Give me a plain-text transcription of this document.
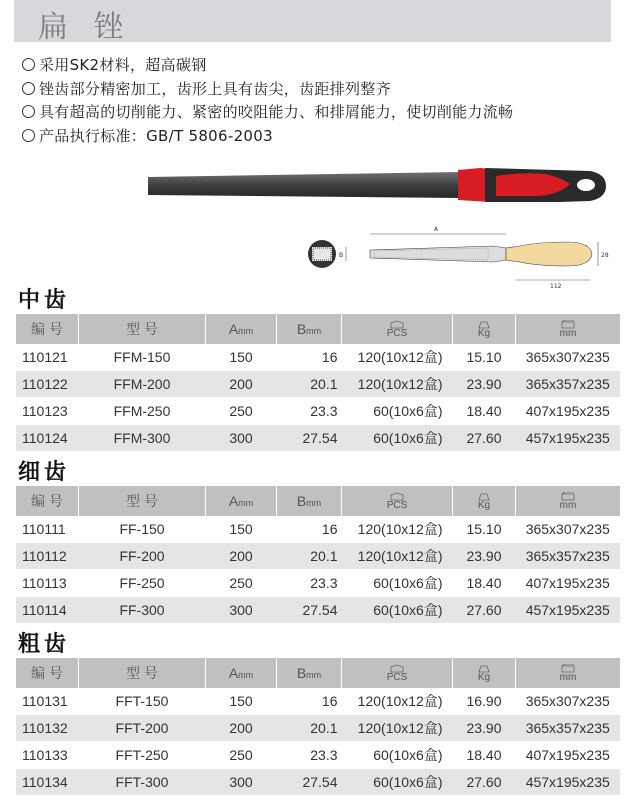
扁 锉
采用SK2材料，超高碳钢
锉齿部分精密加工，齿形上具有齿尖，齿距排列整齐
具有超高的切削能力、紧密的咬阻能力、和排屑能力，使切削能力流畅
产品执行标准：GB/T 5806-2003
B
A
112
28
中齿
编 号	型 号	Amm	Bmm	PCS	Kg	mm

110121	FFM-150	150	16	120(10x12盒)	15.10	365x307x235
110122	FFM-200	200	20.1	120(10x12盒)	23.90	365x357x235
110123	FFM-250	250	23.3	60(10x6盒)	18.40	407x195x235
110124	FFM-300	300	27.54	60(10x6盒)	27.60	457x195x235
细齿
编 号	型 号	Amm	Bmm	PCS	Kg	mm

110111	FF-150	150	16	120(10x12盒)	15.10	365x307x235
110112	FF-200	200	20.1	120(10x12盒)	23.90	365x357x235
110113	FF-250	250	23.3	60(10x6盒)	18.40	407x195x235
110114	FF-300	300	27.54	60(10x6盒)	27.60	457x195x235
粗齿
编 号	型 号	Amm	Bmm	PCS	Kg	mm

110131	FFT-150	150	16	120(10x12盒)	16.90	365x307x235
110132	FFT-200	200	20.1	120(10x12盒)	23.90	365x357x235
110133	FFT-250	250	23.3	60(10x6盒)	18.40	407x195x235
110134	FFT-300	300	27.54	60(10x6盒)	27.60	457x195x235
